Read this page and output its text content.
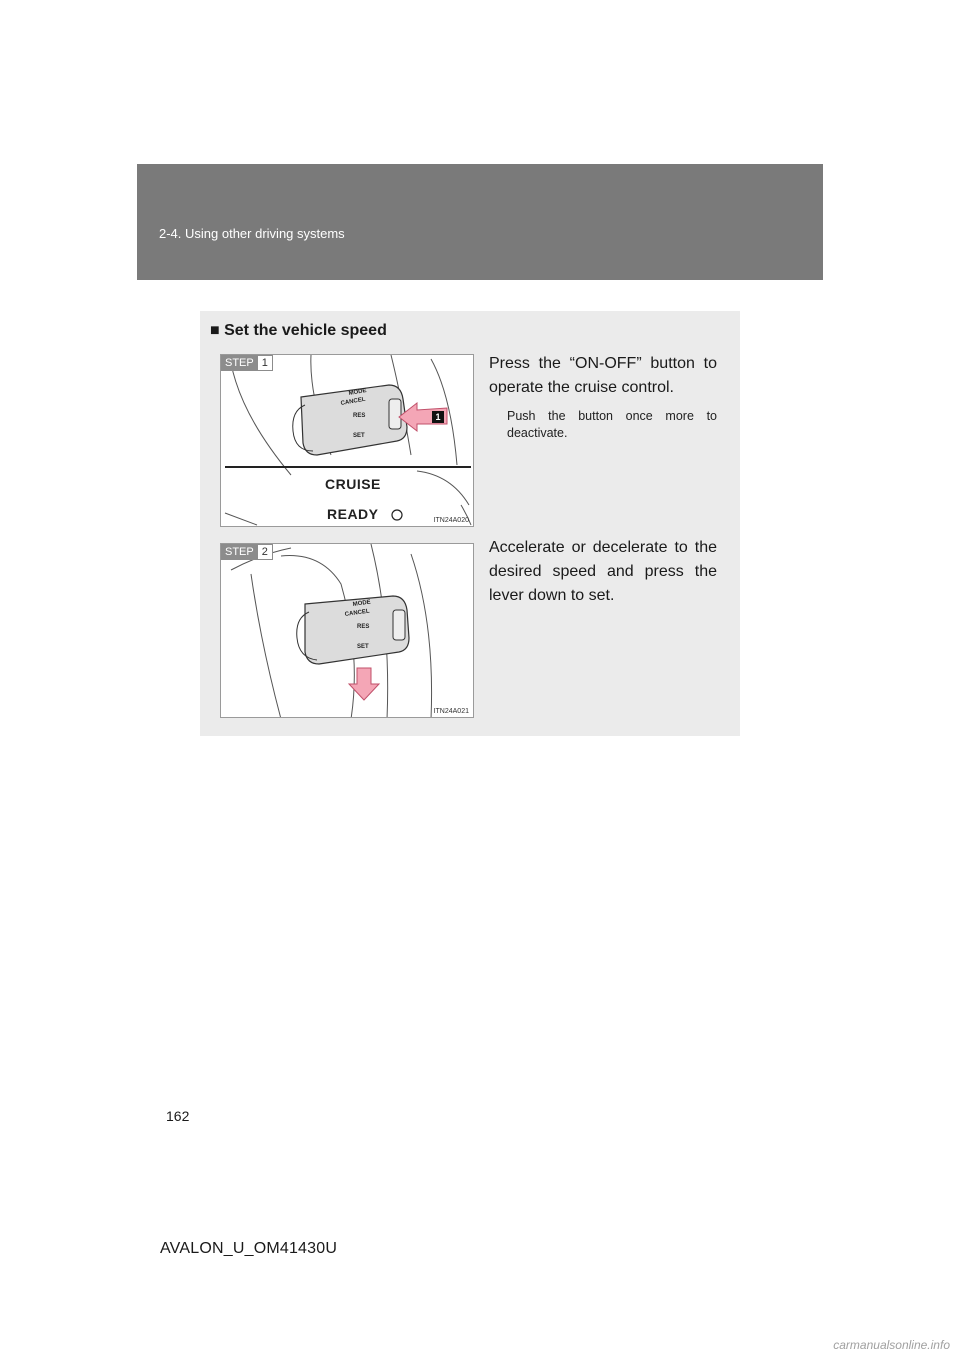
2-4. Using other driving systems
■ Set the vehicle speed
STEP 1
MODE
CANCEL
RES
SET
1
CRUISE
READY	ITN24A020
Press the “ON-OFF” button to operate the cruise control.
Push the button once more to deactivate.
STEP 2
MODE
CANCEL
RES
SET
ITN24A021
Accelerate or decelerate to the desired speed and press the lever down to set.
162
AVALON_U_OM41430U
carmanualsonline.info
